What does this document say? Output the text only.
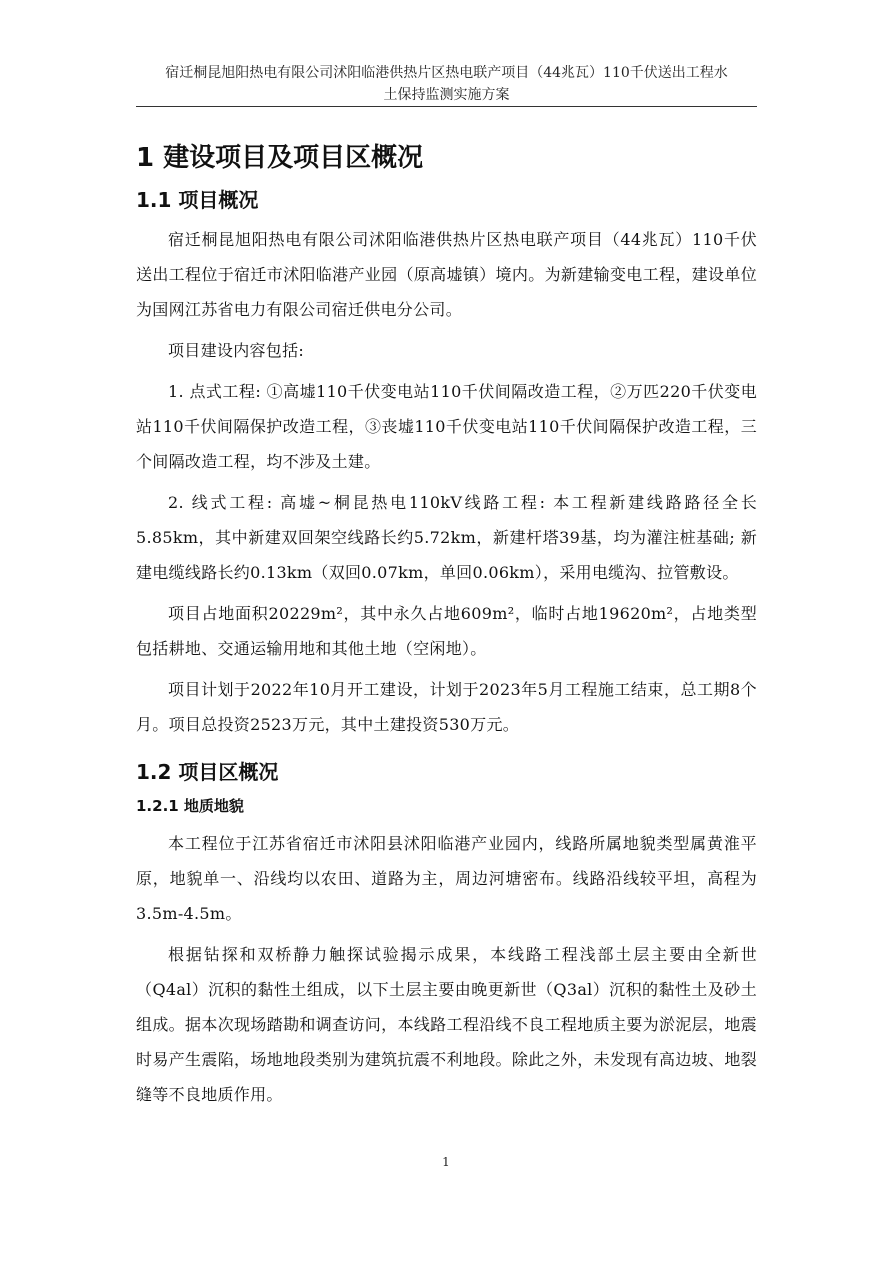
宿迁桐昆旭阳热电有限公司沭阳临港供热片区热电联产项目（44兆瓦）110千伏送出工程水
土保持监测实施方案
1 建设项目及项目区概况
1.1 项目概况

宿迁桐昆旭阳热电有限公司沭阳临港供热片区热电联产项目（44兆瓦）110千伏送出工程位于宿迁市沭阳临港产业园（原高墟镇）境内。为新建输变电工程，建设单位为国网江苏省电力有限公司宿迁供电分公司。

项目建设内容包括:

1. 点式工程: ①高墟110千伏变电站110千伏间隔改造工程，②万匹220千伏变电站110千伏间隔保护改造工程，③丧墟110千伏变电站110千伏间隔保护改造工程，三个间隔改造工程，均不涉及土建。

2. 线式工程: 高墟~桐昆热电110kV线路工程: 本工程新建线路路径全长5.85km，其中新建双回架空线路长约5.72km，新建杆塔39基，均为灌注桩基础; 新建电缆线路长约0.13km（双回0.07km，单回0.06km），采用电缆沟、拉管敷设。

项目占地面积20229m²，其中永久占地609m²，临时占地19620m²，占地类型包括耕地、交通运输用地和其他土地（空闲地）。

项目计划于2022年10月开工建设，计划于2023年5月工程施工结束，总工期8个月。项目总投资2523万元，其中土建投资530万元。

1.2 项目区概况
1.2.1 地质地貌

本工程位于江苏省宿迁市沭阳县沭阳临港产业园内，线路所属地貌类型属黄淮平原，地貌单一、沿线均以农田、道路为主，周边河塘密布。线路沿线较平坦，高程为3.5m-4.5m。

根据钻探和双桥静力触探试验揭示成果，本线路工程浅部土层主要由全新世（Q4al）沉积的黏性土组成，以下土层主要由晚更新世（Q3al）沉积的黏性土及砂土组成。据本次现场踏勘和调查访问，本线路工程沿线不良工程地质主要为淤泥层，地震时易产生震陷，场地地段类别为建筑抗震不利地段。除此之外，未发现有高边坡、地裂缝等不良地质作用。

1
